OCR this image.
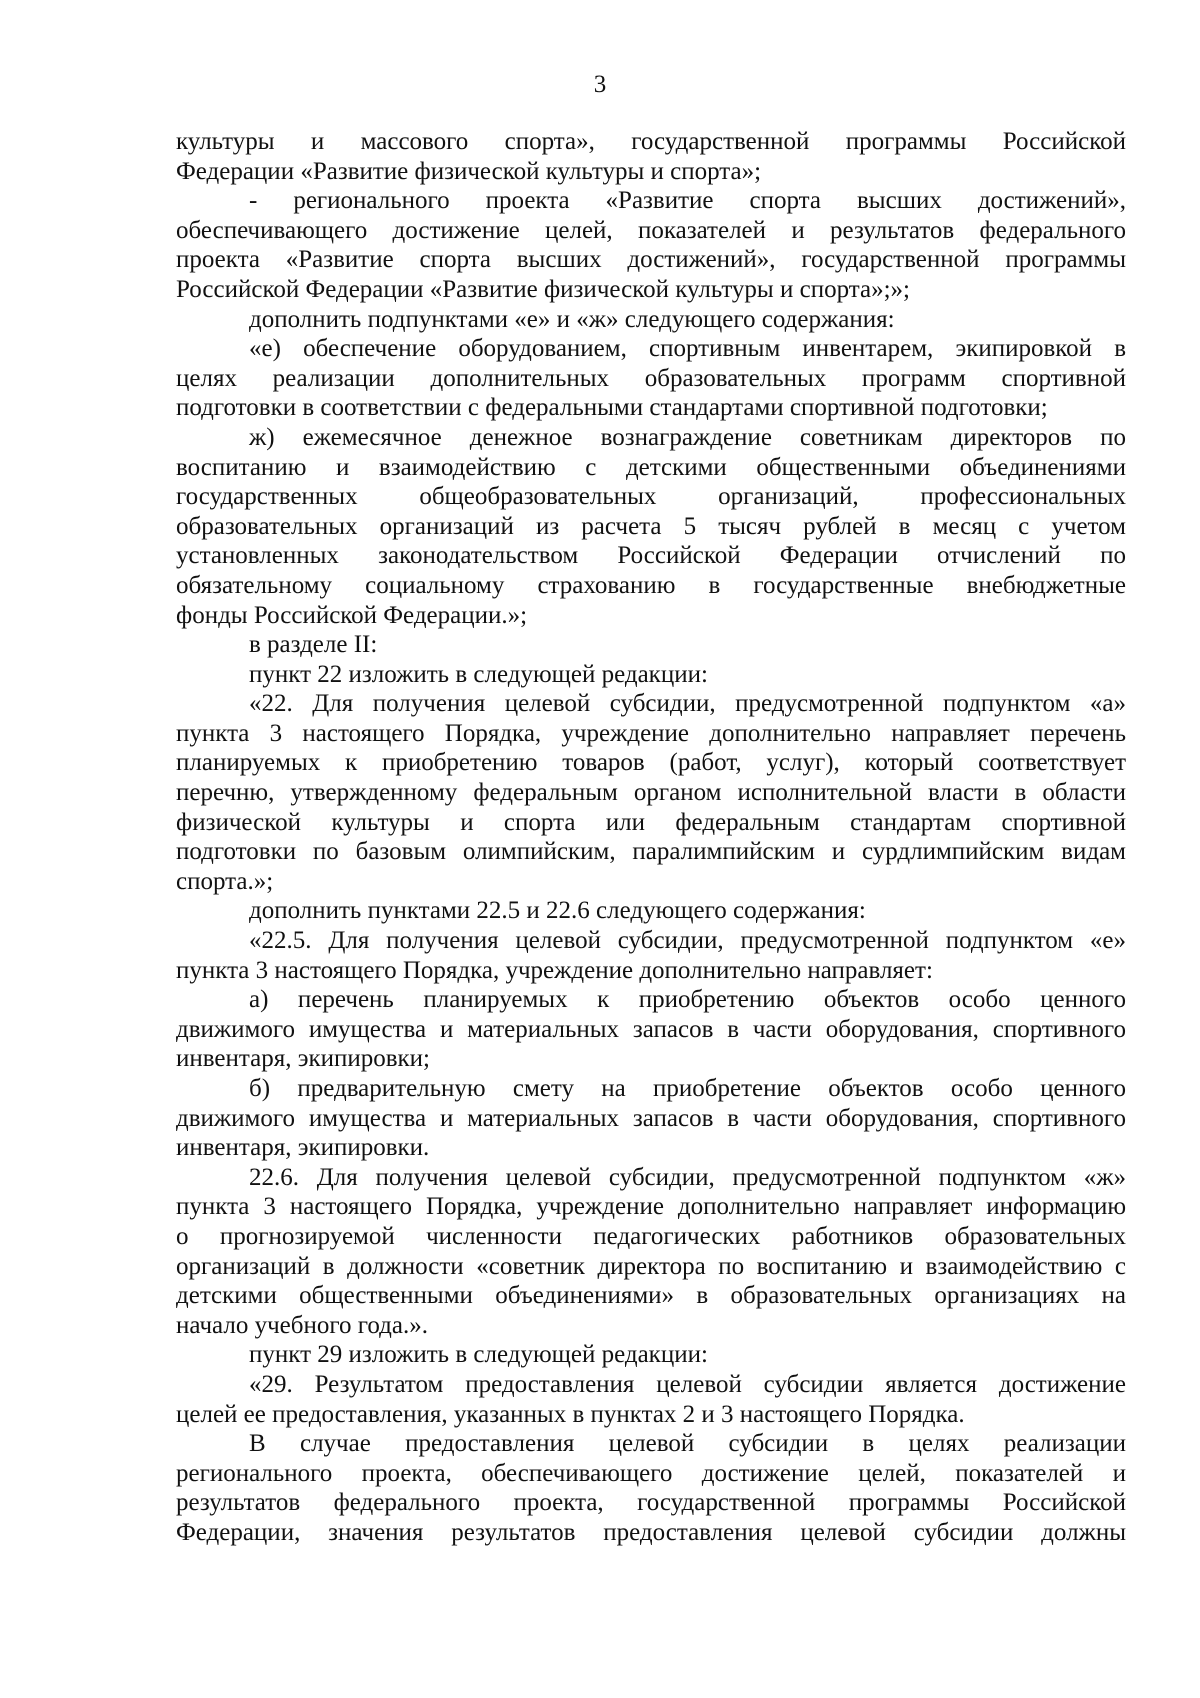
3
культуры и массового спорта», государственной программы Российской
Федерации «Развитие физической культуры и спорта»;
- регионального проекта «Развитие спорта высших достижений»,
обеспечивающего достижение целей, показателей и результатов федерального
проекта «Развитие спорта высших достижений», государственной программы
Российской Федерации «Развитие физической культуры и спорта»;»;
дополнить подпунктами «е» и «ж» следующего содержания:
«е) обеспечение оборудованием, спортивным инвентарем, экипировкой в
целях реализации дополнительных образовательных программ спортивной
подготовки в соответствии с федеральными стандартами спортивной подготовки;
ж) ежемесячное денежное вознаграждение советникам директоров по
воспитанию и взаимодействию с детскими общественными объединениями
государственных общеобразовательных организаций, профессиональных
образовательных организаций из расчета 5 тысяч рублей в месяц с учетом
установленных законодательством Российской Федерации отчислений по
обязательному социальному страхованию в государственные внебюджетные
фонды Российской Федерации.»;
в разделе II:
пункт 22 изложить в следующей редакции:
«22. Для получения целевой субсидии, предусмотренной подпунктом «а»
пункта 3 настоящего Порядка, учреждение дополнительно направляет перечень
планируемых к приобретению товаров (работ, услуг), который соответствует
перечню, утвержденному федеральным органом исполнительной власти в области
физической культуры и спорта или федеральным стандартам спортивной
подготовки по базовым олимпийским, паралимпийским и сурдлимпийским видам
спорта.»;
дополнить пунктами 22.5 и 22.6 следующего содержания:
«22.5. Для получения целевой субсидии, предусмотренной подпунктом «е»
пункта 3 настоящего Порядка, учреждение дополнительно направляет:
а) перечень планируемых к приобретению объектов особо ценного
движимого имущества и материальных запасов в части оборудования, спортивного
инвентаря, экипировки;
б) предварительную смету на приобретение объектов особо ценного
движимого имущества и материальных запасов в части оборудования, спортивного
инвентаря, экипировки.
22.6. Для получения целевой субсидии, предусмотренной подпунктом «ж»
пункта 3 настоящего Порядка, учреждение дополнительно направляет информацию
о прогнозируемой численности педагогических работников образовательных
организаций в должности «советник директора по воспитанию и взаимодействию с
детскими общественными объединениями» в образовательных организациях на
начало учебного года.».
пункт 29 изложить в следующей редакции:
«29. Результатом предоставления целевой субсидии является достижение
целей ее предоставления, указанных в пунктах 2 и 3 настоящего Порядка.
В случае предоставления целевой субсидии в целях реализации
регионального проекта, обеспечивающего достижение целей, показателей и
результатов федерального проекта, государственной программы Российской
Федерации, значения результатов предоставления целевой субсидии должны
